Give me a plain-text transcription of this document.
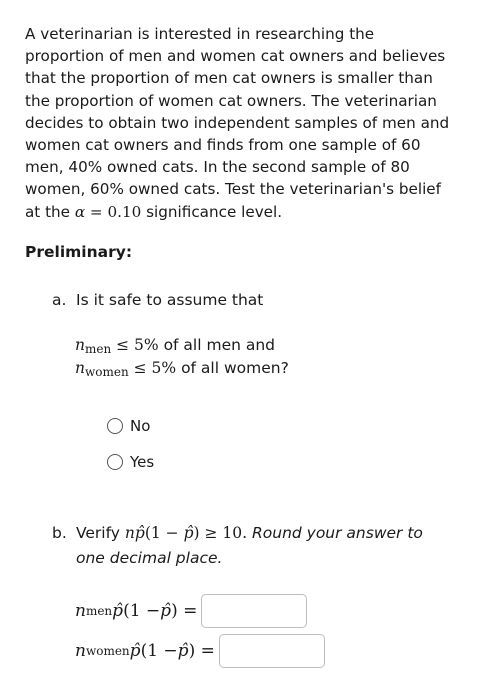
A veterinarian is interested in researching the
proportion of men and women cat owners and believes
that the proportion of men cat owners is smaller than
the proportion of women cat owners. The veterinarian
decides to obtain two independent samples of men and
women cat owners and finds from one sample of 60
men, 40% owned cats. In the second sample of 80
women, 60% owned cats. Test the veterinarian's belief
at the α = 0.10 significance level.
Preliminary:
a. Is it safe to assume that
$n_{men} \le 5\%$ of all men and
$n_{women} \le 5\%$ of all women?
No
Yes
b. Verify np̂(1 − p̂) ≥ 10. Round your answer to
one decimal place.
n men p̂ (1 − p̂ ) =
n women p̂ (1 − p̂ ) =
